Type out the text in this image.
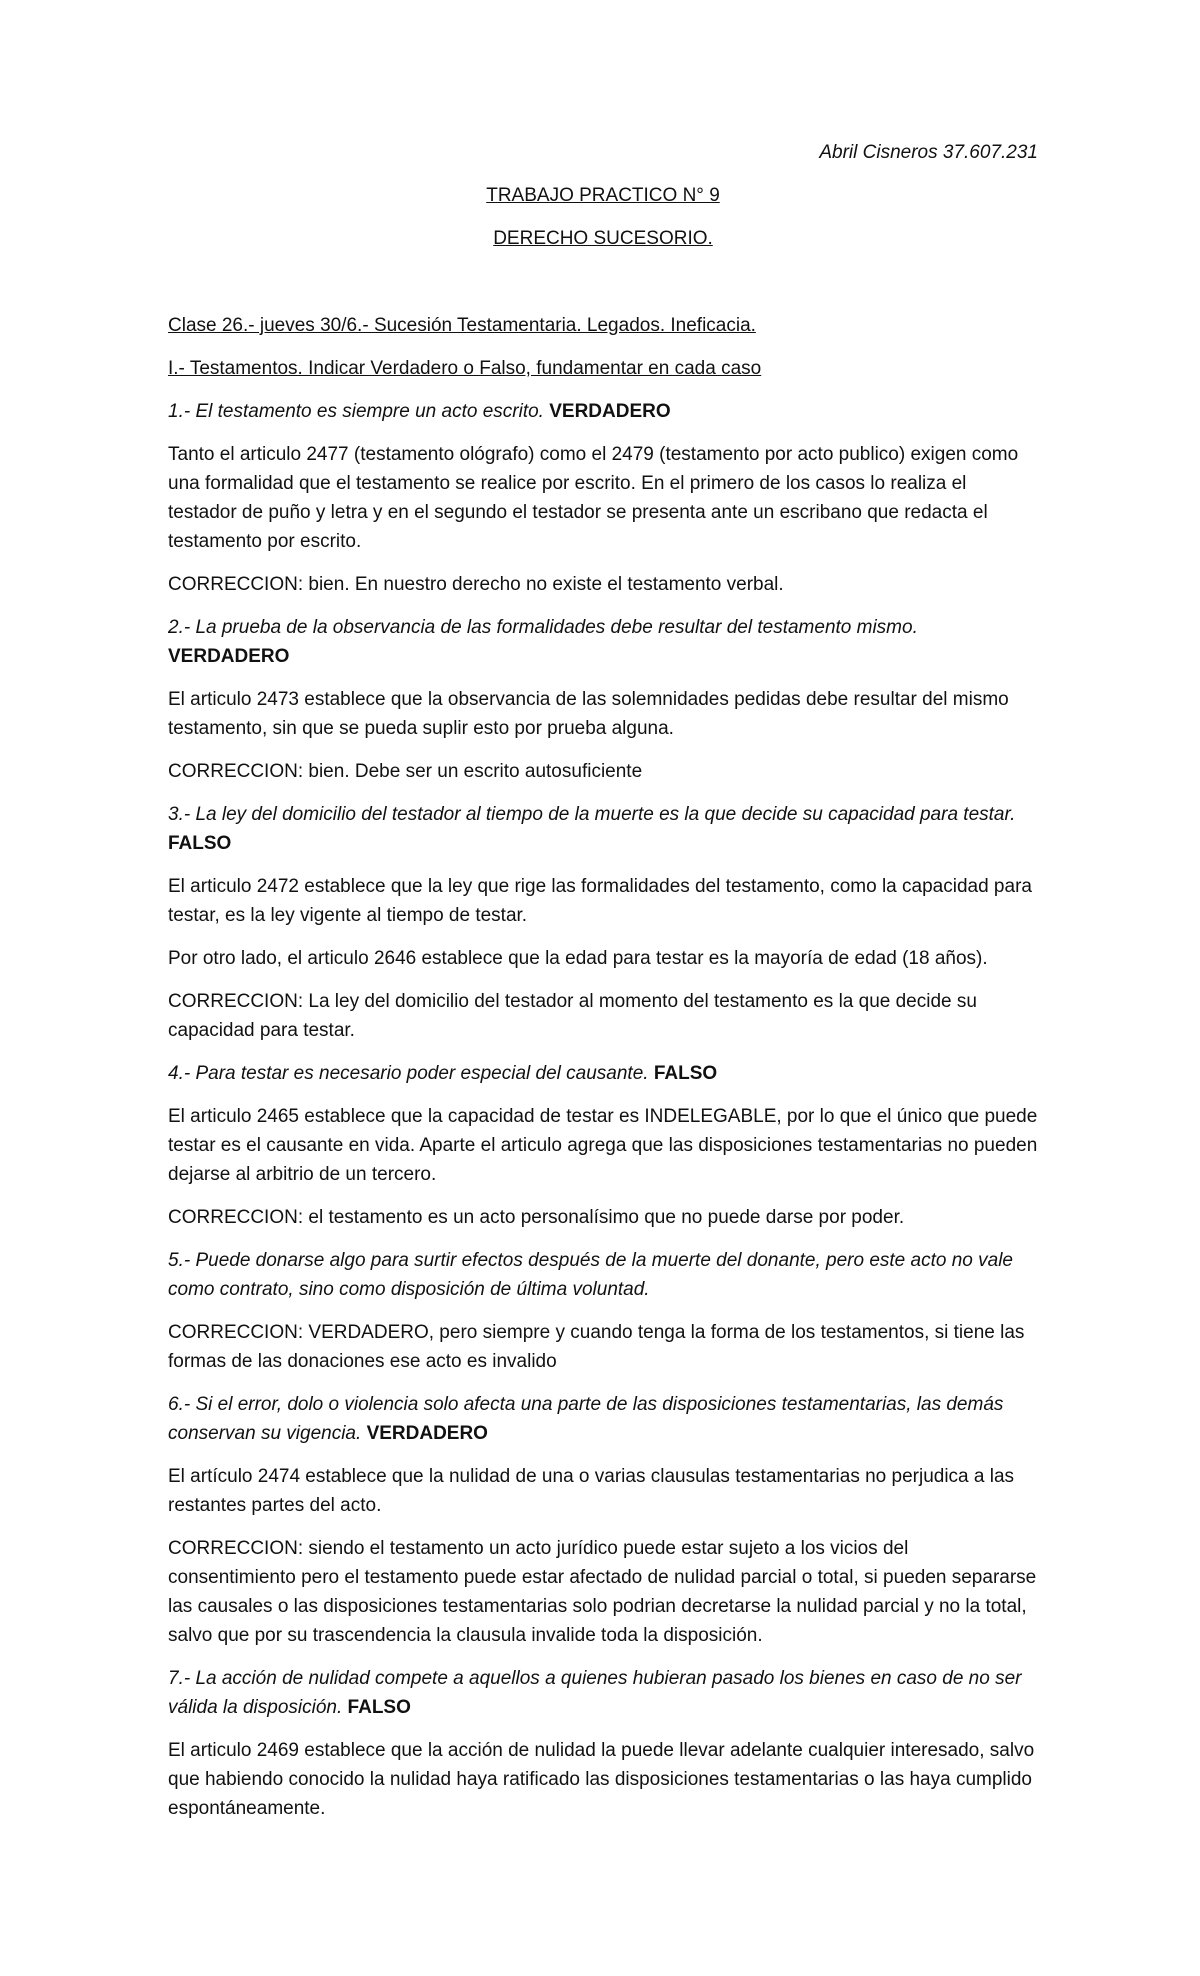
Abril Cisneros 37.607.231

TRABAJO PRACTICO N° 9

DERECHO SUCESORIO.

Clase 26.- jueves 30/6.- Sucesión Testamentaria. Legados. Ineficacia.

I.- Testamentos. Indicar Verdadero o Falso, fundamentar en cada caso

1.- El testamento es siempre un acto escrito. VERDADERO

Tanto el articulo 2477 (testamento ológrafo) como el 2479 (testamento por acto publico) exigen como una formalidad que el testamento se realice por escrito. En el primero de los casos lo realiza el testador de puño y letra y en el segundo el testador se presenta ante un escribano que redacta el testamento por escrito.

CORRECCION: bien. En nuestro derecho no existe el testamento verbal.

2.- La prueba de la observancia de las formalidades debe resultar del testamento mismo.
VERDADERO

El articulo 2473 establece que la observancia de las solemnidades pedidas debe resultar del mismo testamento, sin que se pueda suplir esto por prueba alguna.

CORRECCION: bien. Debe ser un escrito autosuficiente

3.- La ley del domicilio del testador al tiempo de la muerte es la que decide su capacidad para testar. FALSO

El articulo 2472 establece que la ley que rige las formalidades del testamento, como la capacidad para testar, es la ley vigente al tiempo de testar.

Por otro lado, el articulo 2646 establece que la edad para testar es la mayoría de edad (18 años).

CORRECCION: La ley del domicilio del testador al momento del testamento es la que decide su capacidad para testar.

4.- Para testar es necesario poder especial del causante. FALSO

El articulo 2465 establece que la capacidad de testar es INDELEGABLE, por lo que el único que puede testar es el causante en vida. Aparte el articulo agrega que las disposiciones testamentarias no pueden dejarse al arbitrio de un tercero.

CORRECCION: el testamento es un acto personalísimo que no puede darse por poder.

5.- Puede donarse algo para surtir efectos después de la muerte del donante, pero este acto no vale como contrato, sino como disposición de última voluntad.

CORRECCION: VERDADERO, pero siempre y cuando tenga la forma de los testamentos, si tiene las formas de las donaciones ese acto es invalido

6.- Si el error, dolo o violencia solo afecta una parte de las disposiciones testamentarias, las demás conservan su vigencia. VERDADERO

El artículo 2474 establece que la nulidad de una o varias clausulas testamentarias no perjudica a las restantes partes del acto.

CORRECCION: siendo el testamento un acto jurídico puede estar sujeto a los vicios del consentimiento pero el testamento puede estar afectado de nulidad parcial o total, si pueden separarse las causales o las disposiciones testamentarias solo podrian decretarse la nulidad parcial y no la total, salvo que por su trascendencia la clausula invalide toda la disposición.

7.- La acción de nulidad compete a aquellos a quienes hubieran pasado los bienes en caso de no ser válida la disposición. FALSO

El articulo 2469 establece que la acción de nulidad la puede llevar adelante cualquier interesado, salvo que habiendo conocido la nulidad haya ratificado las disposiciones testamentarias o las haya cumplido espontáneamente.
